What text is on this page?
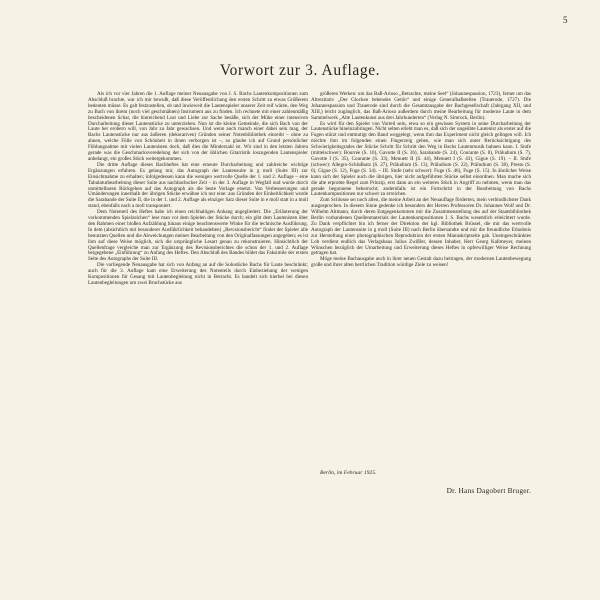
5
Vorwort zur 3. Auflage.

Als ich vor vier Jahren die 1. Auflage meiner Neuausgabe von J. S. Bachs Lautenkompositionen zum Abschluß brachte, war ich mir bewußt, daß diese Veröffentlichung den ersten Schritt zu etwas Größerem bedeuten müsse. Es galt festzustellen, ob und inwieweit die Lautenspieler unserer Zeit reif wären, den Weg zu Bach von ihrem (noch viel geschmähten) Instrument aus zu finden. Ich rechnete mit einer zahlenmäßig bescheidenen Schar, die hinreichend Lust und Liebe zur Sache besäße, sich der Mühe einer intensiven Durcharbeitung dieser Lautenstücke zu unterziehen. Nun ist die kleine Gemeinde, die sich Bach von der Laute her erobern will, von Jahr zu Jahr gewachsen. Und wenn auch manch einer dabei sein mag, der Bachs Lautenstücke nur aus äußeren (dekorativen) Gründen seiner Notenbibliothek einreiht – ohne zu ahnen, welche Fülle von Schönheit in ihnen verborgen ist –, so glaube ich auf Grund persönlicher Fühlungnahme mit vielen Lautenisten doch, daß dies die Minderzahl ist. Wir sind in den letzten Jahren gerade was die Geschmacksveredelung der sich von der üblichen Gitarristik loszugenden Lautenspieler anbelangt, ein großes Stück weitergekommen.

Die dritte Auflage dieses Bachheftes hat eine erneute Durcharbeitung und zahlreiche wichtige Ergänzungen erfahren. Es gelang mir, das Autograph der Lautensuite in g moll (Suite III) zur Einsichtnahme zu erhalten; infolgedessen kann die wenigen wertvolle Quelle der 1. und 2. Auflage – eine Tabulaturbearbeitung dieser Suite aus nachbachscher Zeit – in der 3. Auflage in Wegfall und wurde durch unmittelbaren Rückgehen auf das Autograph als die beste Vorlage ersetzt. Von Verbesserungen und Umänderungen innerhalb der übrigen Stücke erwähne ich nur eine: aus Gründen der Einheitlichkeit wurde die Sarabande der Suite II, die in der 1. und 2. Auflage als einziger Satz dieser Suite in e moll statt in a moll stand, ebenfalls nach a moll transponiert.

Dem Notenteil des Heftes habe ich einen reichhaltigen Anhang angegliedert. Die „Erläuterung der vorkommenden Spielzeichen“ lese man vor dem Spielen der Stücke durch; ein gibt dem Lautenisten über den Rahmen einer bloßen Aufzählung hinaus einige beachtenswerte Winke für die technische Ausführung. In dem (absichtlich mit besonderer Ausführlichkeit behandelten) „Revisionsbericht“ findet der Spieler alle benutzten Quellen und die Abweichungen meiner Bearbeitung von den Originalfassungen angegeben; es ist ihm auf diese Weise möglich, sich die ursprüngliche Lesart genau zu rekonstruieren. Hinsichtlich der Quellenfrage vergleiche man zur Ergänzung des Revisionsberichtes die schon der 1. und 2. Auflage beigegebene „Einführung“ zu Anfang des Heftes. Den Abschluß des Bandes bildet das Faksimile der ersten Seite des Autographs der Suite III.

Die vorliegende Neuausgabe hat sich von Anfang an auf die Solostücke Bachs für Laute beschränkt; auch für die 3. Auflage kam eine Erweiterung des Notenteils durch Einbeziehung der wenigen Kompositionen für Gesang mit Lautenbegleitung nicht in Betracht. Es handelt sich hierbei bei diesen Lautenbegleitungen um zwei Bruchstücke aus

größeren Werken: um das Baß-Arioso „Betrachte, meine Seel“ (Johannespassion, 1723), ferner um das Altrezitativ „Der Glocken bebendes Getön“ und einige Generalbaßstellen (Trauerode, 1727). Die Johannespassion und Trauerode sind durch die Gesamtausgabe der Bachgesellschaft (Jahrgang XII, und XIII,) leicht zugänglich, das Baß-Arioso außerdem durch meine Bearbeitung für moderne Laute in dem Sammelwerk „Alte Lautenkunst aus drei Jahrhunderten“ (Verlag N. Simrock, Berlin).

Es wird für den Spieler von Vorteil sein, etwa so ein gewisses System in seine Durcharbeitung der Lautenstücke hineinzubringen. Nicht selten erlebt man es, daß sich der ungeübte Lautenist als erster auf die Fugen stürzt und entmutigt den Band weggelegt, wenn ihm das Experiment nicht gleich gelingen will. Ich möchte ihm im folgenden einen Fingerzeig geben, wie man sich unter Berücksichtigung des Schwierigkeitsgrades der Stücke Schritt für Schritt den Weg in Bachs Lautenmusik bahnen kann. I. Stufe (mittelschwer): Bourrée (S. 10), Gavotte II (S. 36), Sarabande (S. 24), Courante (S. 8), Präludium (S. 7), Gavotte I (S. 35), Courante (S. 33), Menuett II (S. 44), Menuett I (S. 43), Gigue (S. 19). – II. Stufe (schwer): Allegro-Schlußsatz (S. 27), Präludium (S. 13), Präludium (S. 22), Präludium (S. 38), Presto (S. 6), Gigue (S. 12), Fuge (S. 34). – III. Stufe (sehr schwer): Fuge (S. 46), Fuge (S. 15). In ähnlicher Weise kann sich der Spieler auch die übrigen, hier nicht aufgeführten Stücke selbst einordnen. Man mache sich die alte erprobte Regel zum Prinzip, erst dann an ein weiteres Stück in Angriff zu nehmen, wenn man das gerade begonnene beherrscht; andernfalls ist ein Fortschritt in der Bearbeitung von Bachs Lautenkompositionen nur schwer zu erreichen.

Zum Schlusse sei noch allen, die meine Arbeit an der Neuauflage förderten, mein verbindlichster Dank ausgesprochen. In diesem Sinne gedenke ich besonders der Herren Professoren Dr. Johannes Wolf und Dr. Wilhelm Altmann, durch deren Entgegenkommen mir die Zusammenstellung des auf der Staatsbibliothek Berlin vorhandenen Quellenmaterials der Lautenkompositionen J. S. Bachs wesentlich erleichtert wurde. Zu Dank verpflichtet bin ich ferner der Direktion der kgl. Bibliothek Brüssel, die mir das wertvolle Autograph der Lautensuite in g moll (Suite III) nach Berlin übersandte und mir die freundliche Erlaubnis zur Herstellung einer photographischen Reproduktion der ersten Manuskriptseite gab. Uneingeschränktes Lob verdient endlich das Verlagshaus Julius Zwißler, dessen Inhaber, Herr Georg Kallmeyer, meinen Wünschen bezüglich der Umarbeitung und Erweiterung dieses Heftes in opferwilliger Weise Rechnung getragen hat.

Möge meine Bachausgabe auch in ihrer neuen Gestalt dazu beitragen, der modernen Lautenbewegung große und ihrer alten herrlichen Tradition würdige Ziele zu weisen!

Berlin, im Februar 1925.
Dr. Hans Dagobert Bruger.
